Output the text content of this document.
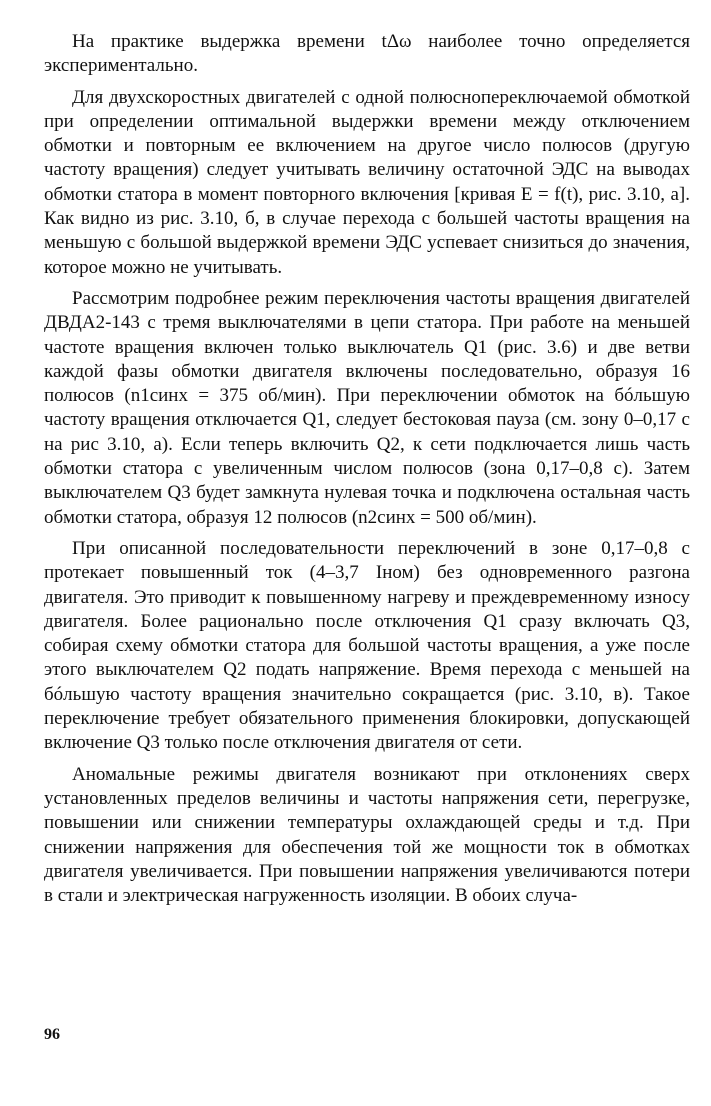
На практике выдержка времени tΔω наиболее точно определяется экспериментально.

Для двухскоростных двигателей с одной полюснопереключаемой обмоткой при определении оптимальной выдержки времени между отключением обмотки и повторным ее включением на другое число полюсов (другую частоту вращения) следует учитывать величину остаточной ЭДС на выводах обмотки статора в момент повторного включения [кривая E = f(t), рис. 3.10, a]. Как видно из рис. 3.10, б, в случае перехода с большей частоты вращения на меньшую с большой выдержкой времени ЭДС успевает снизиться до значения, которое можно не учитывать.

Рассмотрим подробнее режим переключения частоты вращения двигателей ДВДА2-143 с тремя выключателями в цепи статора. При работе на меньшей частоте вращения включен только выключатель Q1 (рис. 3.6) и две ветви каждой фазы обмотки двигателя включены последовательно, образуя 16 полюсов (n1синх = 375 об/мин). При переключении обмоток на бóльшую частоту вращения отключается Q1, следует бестоковая пауза (см. зону 0–0,17 с на рис 3.10, a). Если теперь включить Q2, к сети подключается лишь часть обмотки статора с увеличенным числом полюсов (зона 0,17–0,8 с). Затем выключателем Q3 будет замкнута нулевая точка и подключена остальная часть обмотки статора, образуя 12 полюсов (n2синх = 500 об/мин).

При описанной последовательности переключений в зоне 0,17–0,8 с протекает повышенный ток (4–3,7 Iном) без одновременного разгона двигателя. Это приводит к повышенному нагреву и преждевременному износу двигателя. Более рационально после отключения Q1 сразу включать Q3, собирая схему обмотки статора для большой частоты вращения, а уже после этого выключателем Q2 подать напряжение. Время перехода с меньшей на бóльшую частоту вращения значительно сокращается (рис. 3.10, в). Такое переключение требует обязательного применения блокировки, допускающей включение Q3 только после отключения двигателя от сети.

Аномальные режимы двигателя возникают при отклонениях сверх установленных пределов величины и частоты напряжения сети, перегрузке, повышении или снижении температуры охлаждающей среды и т.д. При снижении напряжения для обеспечения той же мощности ток в обмотках двигателя увеличивается. При повышении напряжения увеличиваются потери в стали и электрическая нагруженность изоляции. В обоих случа-

96
